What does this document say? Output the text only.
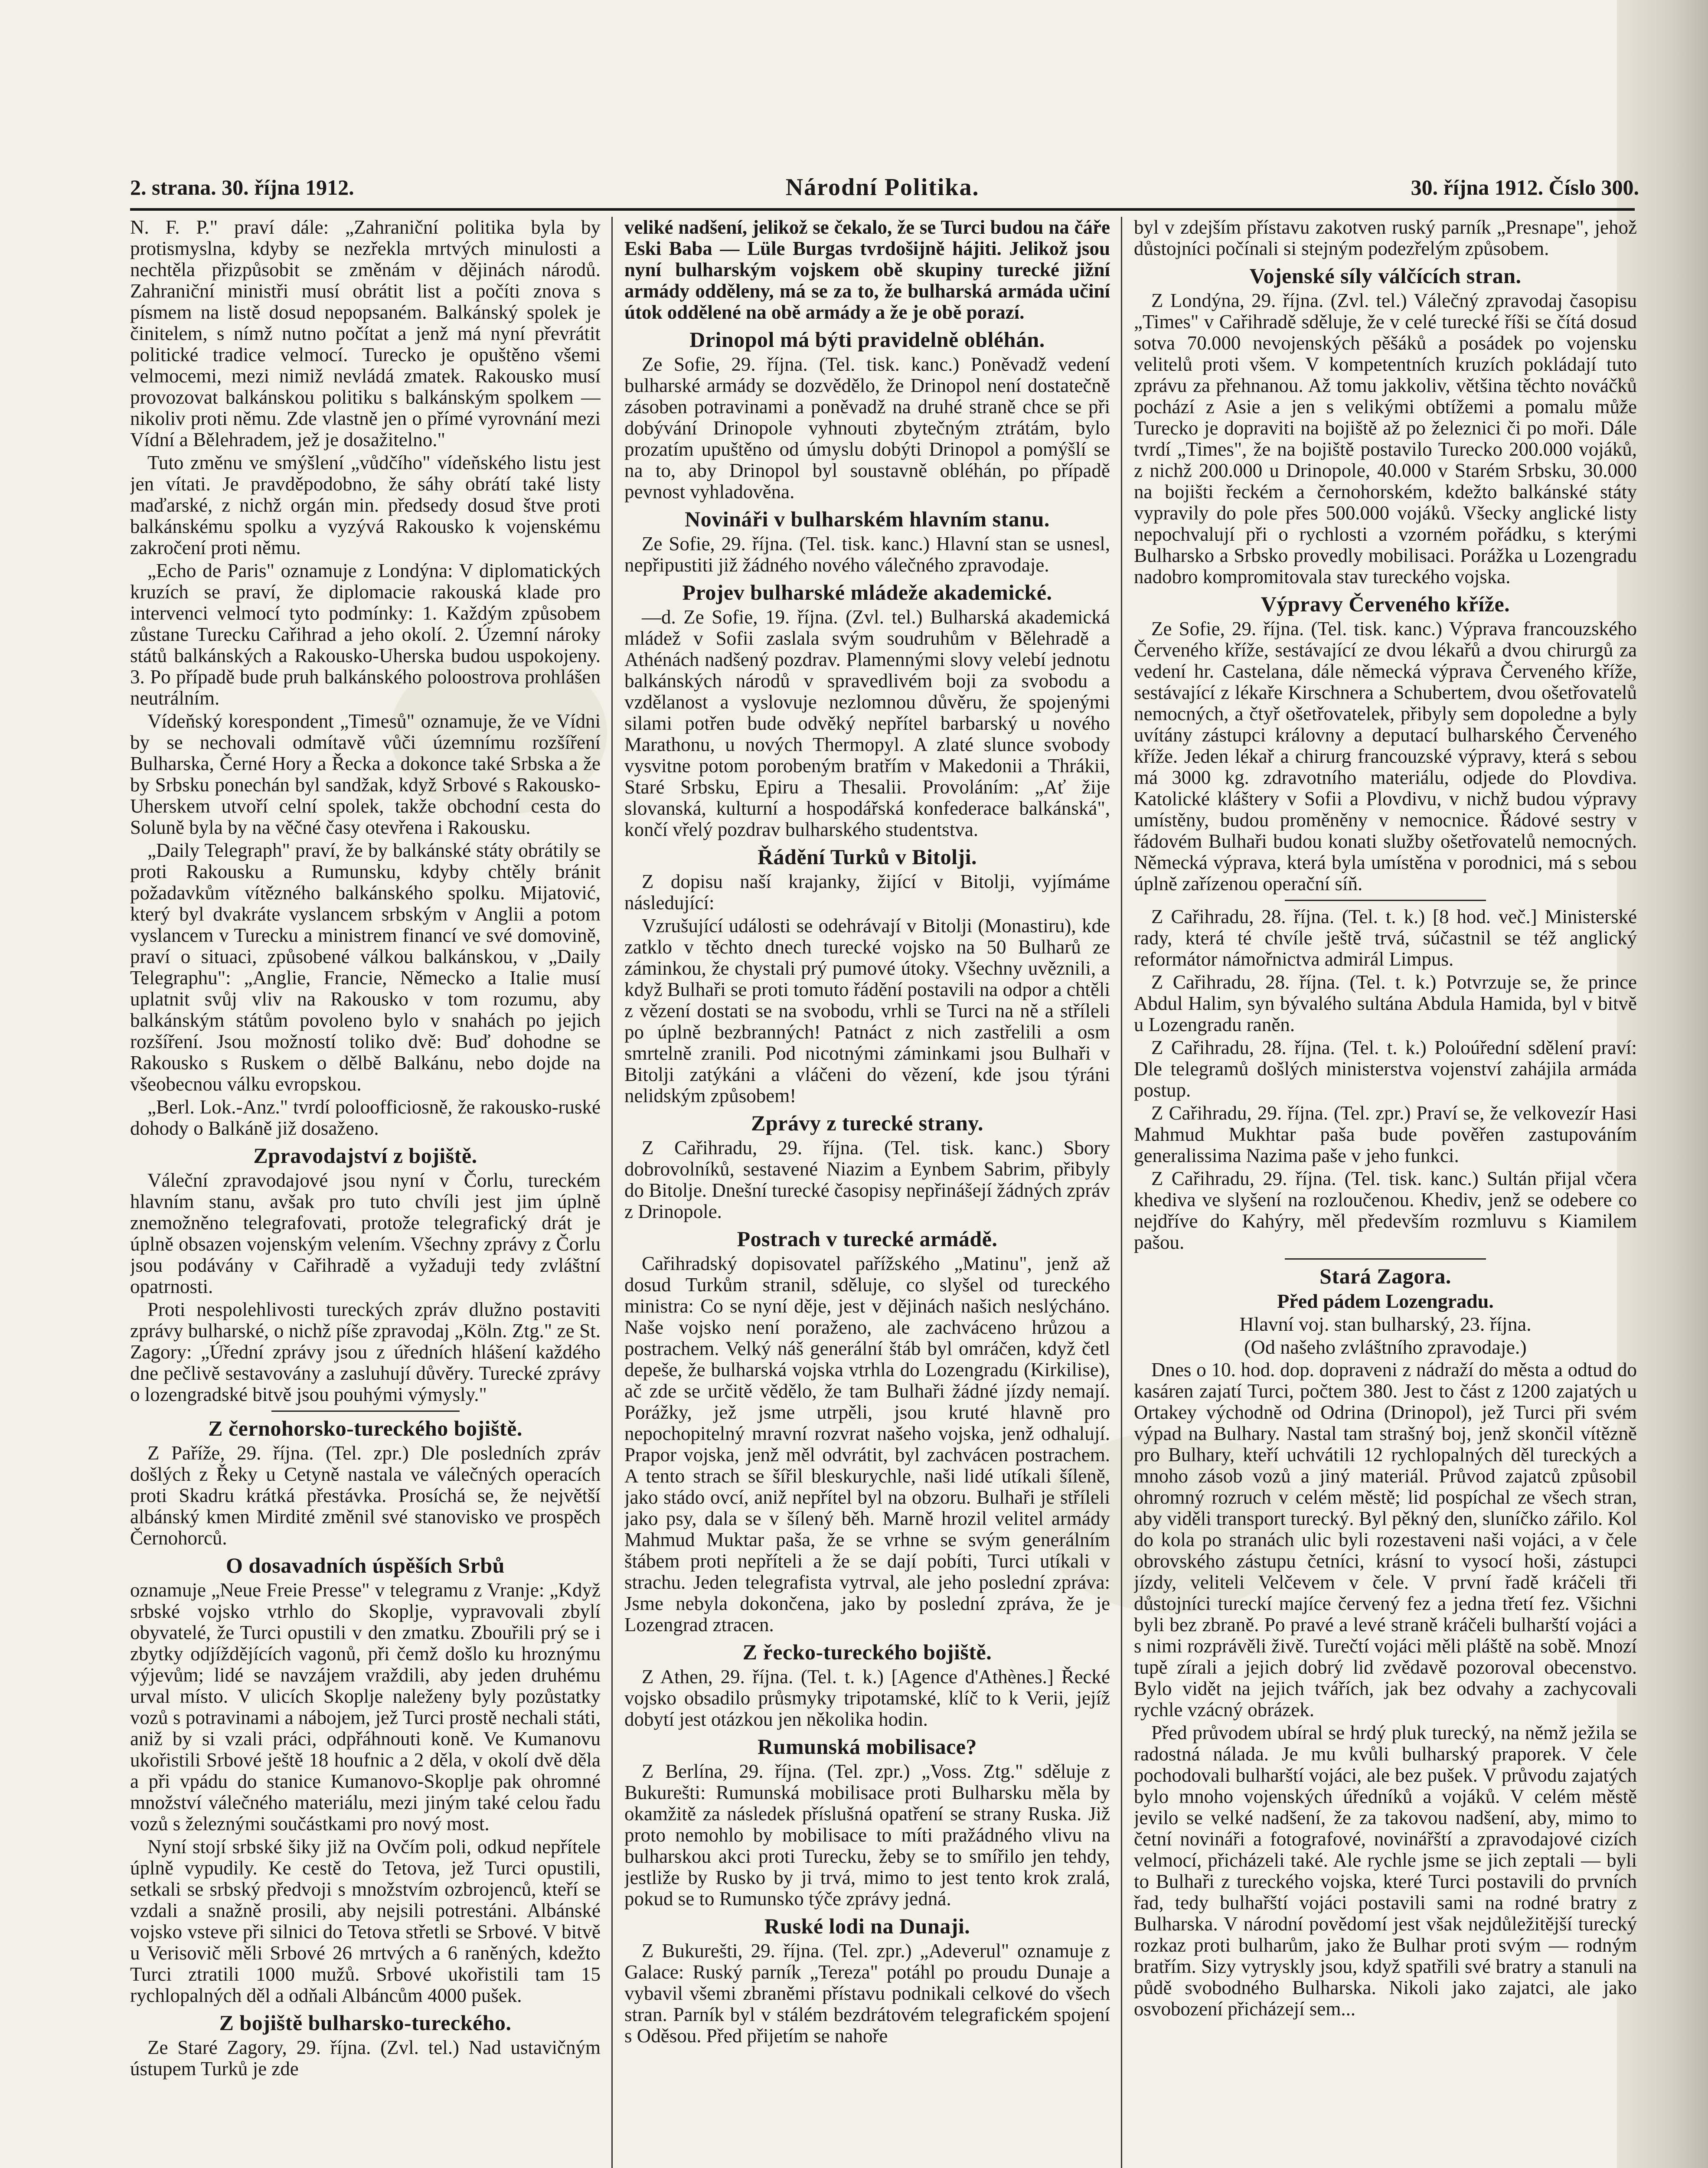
2. strana. 30. října 1912.	Národní Politika.	30. října 1912. Číslo 300.

N. F. P." praví dále: „Zahraniční politika byla by protismyslna, kdyby se nezřekla mrtvých minulosti a nechtěla přizpůsobit se změnám v dějinách národů. Zahraniční ministři musí obrátit list a počíti znova s písmem na listě dosud nepopsaném. Balkánský spolek je činitelem, s nímž nutno počítat a jenž má nyní převrátit politické tradice velmocí. Turecko je opuštěno všemi velmocemi, mezi nimiž nevládá zmatek. Rakousko musí provozovat balkánskou politiku s balkánským spolkem — nikoliv proti němu. Zde vlastně jen o přímé vyrovnání mezi Vídní a Bělehradem, jež je dosažitelno."

Tuto změnu ve smýšlení „vůdčího" vídeňského listu jest jen vítati. Je pravděpodobno, že sáhy obrátí také listy maďarské, z nichž orgán min. předsedy dosud štve proti balkánskému spolku a vyzývá Rakousko k vojenskému zakročení proti němu.

„Echo de Paris" oznamuje z Londýna: V diplomatických kruzích se praví, že diplomacie rakouská klade pro intervenci velmocí tyto podmínky: 1. Každým způsobem zůstane Turecku Cařihrad a jeho okolí. 2. Územní nároky států balkánských a Rakousko-Uherska budou uspokojeny. 3. Po případě bude pruh balkánského poloostrova prohlášen neutrálním.

Vídeňský korespondent „Timesů" oznamuje, že ve Vídni by se nechovali odmítavě vůči územnímu rozšíření Bulharska, Černé Hory a Řecka a dokonce také Srbska a že by Srbsku ponechán byl sandžak, když Srbové s Rakousko-Uherskem utvoří celní spolek, takže obchodní cesta do Soluně byla by na věčné časy otevřena i Rakousku.

„Daily Telegraph" praví, že by balkánské státy obrátily se proti Rakousku a Rumunsku, kdyby chtěly bránit požadavkům vítězného balkánského spolku. Mijatović, který byl dvakráte vyslancem srbským v Anglii a potom vyslancem v Turecku a ministrem financí ve své domovině, praví o situaci, způsobené válkou balkánskou, v „Daily Telegraphu": „Anglie, Francie, Německo a Italie musí uplatnit svůj vliv na Rakousko v tom rozumu, aby balkánským státům povoleno bylo v snahách po jejich rozšíření. Jsou možností toliko dvě: Buď dohodne se Rakousko s Ruskem o dělbě Balkánu, nebo dojde na všeobecnou válku evropskou.

„Berl. Lok.-Anz." tvrdí poloofficiosně, že rakousko-ruské dohody o Balkáně již dosaženo.

Zpravodajství z bojiště.

Váleční zpravodajové jsou nyní v Čorlu, tureckém hlavním stanu, avšak pro tuto chvíli jest jim úplně znemožněno telegrafovati, protože telegrafický drát je úplně obsazen vojenským velením. Všechny zprávy z Čorlu jsou podávány v Cařihradě a vyžaduji tedy zvláštní opatrnosti.

Proti nespolehlivosti tureckých zpráv dlužno postaviti zprávy bulharské, o nichž píše zpravodaj „Köln. Ztg." ze St. Zagory: „Úřední zprávy jsou z úředních hlášení každého dne pečlivě sestavovány a zasluhují důvěry. Turecké zprávy o lozengradské bitvě jsou pouhými výmysly."

Z černohorsko-tureckého bojiště.

Z Paříže, 29. října. (Tel. zpr.) Dle posledních zpráv došlých z Řeky u Cetyně nastala ve válečných operacích proti Skadru krátká přestávka. Prosíchá se, že největší albánský kmen Mirdité změnil své stanovisko ve prospěch Černohorců.

O dosavadních úspěších Srbů

oznamuje „Neue Freie Presse" v telegramu z Vranje: „Když srbské vojsko vtrhlo do Skoplje, vypravovali zbylí obyvatelé, že Turci opustili v den zmatku. Zbouřili prý se i zbytky odjíždějících vagonů, při čemž došlo ku hroznýmu výjevům; lidé se navzájem vraždili, aby jeden druhému urval místo. V ulicích Skoplje naleženy byly pozůstatky vozů s potravinami a nábojem, jež Turci prostě nechali státi, aniž by si vzali práci, odpřáhnouti koně. Ve Kumanovu ukořistili Srbové ještě 18 houfnic a 2 děla, v okolí dvě děla a při vpádu do stanice Kumanovo-Skoplje pak ohromné množství válečného materiálu, mezi jiným také celou řadu vozů s železnými součástkami pro nový most.

Nyní stojí srbské šiky již na Ovčím poli, odkud nepřítele úplně vypudily. Ke cestě do Tetova, jež Turci opustili, setkali se srbský předvoji s množstvím ozbrojenců, kteří se vzdali a snažně prosili, aby nejsili potrestáni. Albánské vojsko vsteve při silnici do Tetova střetli se Srbové. V bitvě u Verisovič měli Srbové 26 mrtvých a 6 raněných, kdežto Turci ztratili 1000 mužů. Srbové ukořistili tam 15 rychlopalných děl a odňali Albáncům 4000 pušek.

Z bojiště bulharsko-tureckého.

Ze Staré Zagory, 29. října. (Zvl. tel.) Nad ustavičným ústupem Turků je zde

veliké nadšení, jelikož se čekalo, že se Turci budou na čáře Eski Baba — Lüle Burgas tvrdošijně hájiti. Jelikož jsou nyní bulharským vojskem obě skupiny turecké jižní armády odděleny, má se za to, že bulharská armáda učiní útok oddělené na obě armády a že je obě porazí.

Drinopol má býti pravidelně obléhán.

Ze Sofie, 29. října. (Tel. tisk. kanc.) Poněvadž vedení bulharské armády se dozvědělo, že Drinopol není dostatečně zásoben potravinami a poněvadž na druhé straně chce se při dobývání Drinopole vyhnouti zbytečným ztrátám, bylo prozatím upuštěno od úmyslu dobýti Drinopol a pomýšlí se na to, aby Drinopol byl soustavně obléhán, po případě pevnost vyhladověna.

Novináři v bulharském hlavním stanu.

Ze Sofie, 29. října. (Tel. tisk. kanc.) Hlavní stan se usnesl, nepřipustiti již žádného nového válečného zpravodaje.

Projev bulharské mládeže akademické.

—d. Ze Sofie, 19. října. (Zvl. tel.) Bulharská akademická mládež v Sofii zaslala svým soudruhům v Bělehradě a Athénách nadšený pozdrav. Plamennými slovy velebí jednotu balkánských národů v spravedlivém boji za svobodu a vzdělanost a vyslovuje nezlomnou důvěru, že spojenými silami potřen bude odvěký nepřítel barbarský u nového Marathonu, u nových Thermopyl. A zlaté slunce svobody vysvitne potom porobeným bratřím v Makedonii a Thrákii, Staré Srbsku, Epiru a Thesalii. Provoláním: „Ať žije slovanská, kulturní a hospodářská konfederace balkánská", končí vřelý pozdrav bulharského studentstva.

Řádění Turků v Bitolji.

Z dopisu naší krajanky, žijící v Bitolji, vyjímáme následující:

Vzrušující události se odehrávají v Bitolji (Monastiru), kde zatklo v těchto dnech turecké vojsko na 50 Bulharů ze záminkou, že chystali prý pumové útoky. Všechny uvěznili, a když Bulhaři se proti tomuto řádění postavili na odpor a chtěli z vězení dostati se na svobodu, vrhli se Turci na ně a stříleli po úplně bezbranných! Patnáct z nich zastřelili a osm smrtelně zranili. Pod nicotnými záminkami jsou Bulhaři v Bitolji zatýkáni a vláčeni do vězení, kde jsou týráni nelidským způsobem!

Zprávy z turecké strany.

Z Cařihradu, 29. října. (Tel. tisk. kanc.) Sbory dobrovolníků, sestavené Niazim a Eynbem Sabrim, přibyly do Bitolje. Dnešní turecké časopisy nepřinášejí žádných zpráv z Drinopole.

Postrach v turecké armádě.

Cařihradský dopisovatel pařížského „Matinu", jenž až dosud Turkům stranil, sděluje, co slyšel od tureckého ministra: Co se nyní děje, jest v dějinách našich neslýcháno. Naše vojsko není poraženo, ale zachváceno hrůzou a postrachem. Velký náš generální štáb byl omráčen, když četl depeše, že bulharská vojska vtrhla do Lozengradu (Kirkilise), ač zde se určitě vědělo, že tam Bulhaři žádné jízdy nemají. Porážky, jež jsme utrpěli, jsou kruté hlavně pro nepochopitelný mravní rozvrat našeho vojska, jenž odhalují. Prapor vojska, jenž měl odvrátit, byl zachvácen postrachem. A tento strach se šířil bleskurychle, naši lidé utíkali šíleně, jako stádo ovcí, aniž nepřítel byl na obzoru. Bulhaři je stříleli jako psy, dala se v šílený běh. Marně hrozil velitel armády Mahmud Muktar paša, že se vrhne se svým generálním štábem proti nepříteli a že se dají pobíti, Turci utíkali v strachu. Jeden telegrafista vytrval, ale jeho poslední zpráva: Jsme nebyla dokončena, jako by poslední zpráva, že je Lozengrad ztracen.

Z řecko-tureckého bojiště.

Z Athen, 29. října. (Tel. t. k.) [Agence d'Athènes.] Řecké vojsko obsadilo průsmyky tripotamské, klíč to k Verii, jejíž dobytí jest otázkou jen několika hodin.

Rumunská mobilisace?

Z Berlína, 29. října. (Tel. zpr.) „Voss. Ztg." sděluje z Bukurešti: Rumunská mobilisace proti Bulharsku měla by okamžitě za následek příslušná opatření se strany Ruska. Již proto nemohlo by mobilisace to míti pražádného vlivu na bulharskou akci proti Turecku, žeby se to smířilo jen tehdy, jestliže by Rusko by ji trvá, mimo to jest tento krok zralá, pokud se to Rumunsko týče zprávy jedná.

Ruské lodi na Dunaji.

Z Bukurešti, 29. října. (Tel. zpr.) „Adeverul" oznamuje z Galace: Ruský parník „Tereza" potáhl po proudu Dunaje a vybavil všemi zbraněmi přístavu podnikali celkové do všech stran. Parník byl v stálém bezdrátovém telegrafickém spojení s Oděsou. Před přijetím se nahoře

byl v zdejším přístavu zakotven ruský parník „Presnape", jehož důstojníci počínali si stejným podezřelým způsobem.

Vojenské síly válčících stran.

Z Londýna, 29. října. (Zvl. tel.) Válečný zpravodaj časopisu „Times" v Cařihradě sděluje, že v celé turecké říši se čítá dosud sotva 70.000 nevojenských pěšáků a posádek po vojensku velitelů proti všem. V kompetentních kruzích pokládají tuto zprávu za přehnanou. Až tomu jakkoliv, většina těchto nováčků pochází z Asie a jen s velikými obtížemi a pomalu může Turecko je dopraviti na bojiště až po železnici či po moři. Dále tvrdí „Times", že na bojiště postavilo Turecko 200.000 vojáků, z nichž 200.000 u Drinopole, 40.000 v Starém Srbsku, 30.000 na bojišti řeckém a černohorském, kdežto balkánské státy vypravily do pole přes 500.000 vojáků. Všecky anglické listy nepochvalují při o rychlosti a vzorném pořádku, s kterými Bulharsko a Srbsko provedly mobilisaci. Porážka u Lozengradu nadobro kompromitovala stav tureckého vojska.

Výpravy Červeného kříže.

Ze Sofie, 29. října. (Tel. tisk. kanc.) Výprava francouzského Červeného kříže, sestávající ze dvou lékařů a dvou chirurgů za vedení hr. Castelana, dále německá výprava Červeného kříže, sestávající z lékaře Kirschnera a Schubertem, dvou ošetřovatelů nemocných, a čtyř ošetřovatelek, přibyly sem dopoledne a byly uvítány zástupci královny a deputací bulharského Červeného kříže. Jeden lékař a chirurg francouzské výpravy, která s sebou má 3000 kg. zdravotního materiálu, odjede do Plovdiva. Katolické kláštery v Sofii a Plovdivu, v nichž budou výpravy umístěny, budou proměněny v nemocnice. Řádové sestry v řádovém Bulhaři budou konati služby ošetřovatelů nemocných. Německá výprava, která byla umístěna v porodnici, má s sebou úplně zařízenou operační síň.

Z Cařihradu, 28. října. (Tel. t. k.) [8 hod. več.] Ministerské rady, která té chvíle ještě trvá, súčastnil se též anglický reformátor námořnictva admirál Limpus.

Z Cařihradu, 28. října. (Tel. t. k.) Potvrzuje se, že prince Abdul Halim, syn bývalého sultána Abdula Hamida, byl v bitvě u Lozengradu raněn.

Z Cařihradu, 28. října. (Tel. t. k.) Poloúřední sdělení praví: Dle telegramů došlých ministerstva vojenství zahájila armáda postup.

Z Cařihradu, 29. října. (Tel. zpr.) Praví se, že velkovezír Hasi Mahmud Mukhtar paša bude pověřen zastupováním generalissima Nazima paše v jeho funkci.

Z Cařihradu, 29. října. (Tel. tisk. kanc.) Sultán přijal včera khediva ve slyšení na rozloučenou. Khediv, jenž se odebere co nejdříve do Kahýry, měl především rozmluvu s Kiamilem pašou.

Stará Zagora.
Před pádem Lozengradu.
Hlavní voj. stan bulharský, 23. října.
(Od našeho zvláštního zpravodaje.)

Dnes o 10. hod. dop. dopraveni z nádraží do města a odtud do kasáren zajatí Turci, počtem 380. Jest to část z 1200 zajatých u Ortakey východně od Odrina (Drinopol), jež Turci při svém výpad na Bulhary. Nastal tam strašný boj, jenž skončil vítězně pro Bulhary, kteří uchvátili 12 rychlopalných děl tureckých a mnoho zásob vozů a jiný materiál. Průvod zajatců způsobil ohromný rozruch v celém městě; lid pospíchal ze všech stran, aby viděli transport turecký. Byl pěkný den, sluníčko zářilo. Kol do kola po stranách ulic byli rozestaveni naši vojáci, a v čele obrovského zástupu četníci, krásní to vysocí hoši, zástupci jízdy, veliteli Velčevem v čele. V první řadě kráčeli tři důstojníci tureckí majíce červený fez a jedna třetí fez. Všichni byli bez zbraně. Po pravé a levé straně kráčeli bulharští vojáci a s nimi rozprávěli živě. Turečtí vojáci měli pláště na sobě. Mnozí tupě zírali a jejich dobrý lid zvědavě pozoroval obecenstvo. Bylo vidět na jejich tvářích, jak bez odvahy a zachycovali rychle vzácný obrázek.

Před průvodem ubíral se hrdý pluk turecký, na němž ježila se radostná nálada. Je mu kvůli bulharský praporek. V čele pochodovali bulharští vojáci, ale bez pušek. V průvodu zajatých bylo mnoho vojenských úředníků a vojáků. V celém městě jevilo se velké nadšení, že za takovou nadšení, aby, mimo to četní novináři a fotografové, novinářští a zpravodajové cizích velmocí, přicházeli také. Ale rychle jsme se jich zeptali — byli to Bulhaři z tureckého vojska, které Turci postavili do prvních řad, tedy bulhařští vojáci postavili sami na rodné bratry z Bulharska. V národní povědomí jest však nejdůležitější turecký rozkaz proti bulharům, jako že Bulhar proti svým — rodným bratřím. Sizy vytryskly jsou, když spatřili své bratry a stanuli na půdě svobodného Bulharska. Nikoli jako zajatci, ale jako osvobození přicházejí sem...
